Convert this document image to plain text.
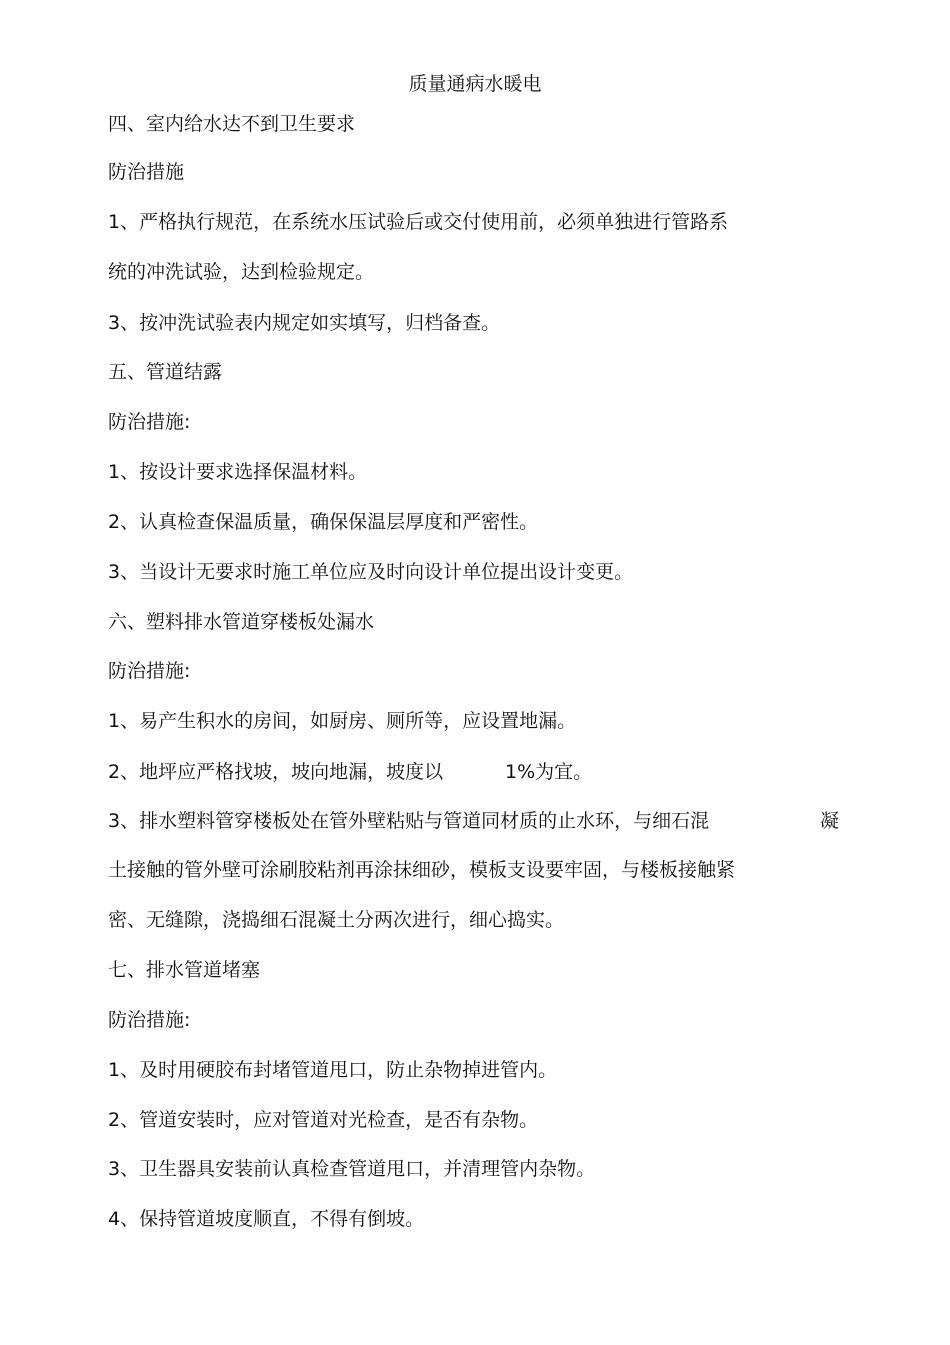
质量通病水暖电
四、室内给水达不到卫生要求
防治措施
1、严格执行规范，在系统水压试验后或交付使用前，必须单独进行管路系
统的冲洗试验，达到检验规定。
3、按冲洗试验表内规定如实填写，归档备查。
五、管道结露
防治措施:
1、按设计要求选择保温材料。
2、认真检查保温质量，确保保温层厚度和严密性。
3、当设计无要求时施工单位应及时向设计单位提出设计变更。
六、塑料排水管道穿楼板处漏水
防治措施:
1、易产生积水的房间，如厨房、厕所等，应设置地漏。
2、地坪应严格找坡，坡向地漏，坡度以	1%为宜。
3、排水塑料管穿楼板处在管外壁粘贴与管道同材质的止水环，与细石混	凝
土接触的管外壁可涂刷胶粘剂再涂抹细砂，模板支设要牢固，与楼板接触紧
密、无缝隙，浇捣细石混凝土分两次进行，细心捣实。
七、排水管道堵塞
防治措施:
1、及时用硬胶布封堵管道甩口，防止杂物掉进管内。
2、管道安装时，应对管道对光检查，是否有杂物。
3、卫生器具安装前认真检查管道甩口，并清理管内杂物。
4、保持管道坡度顺直，不得有倒坡。
